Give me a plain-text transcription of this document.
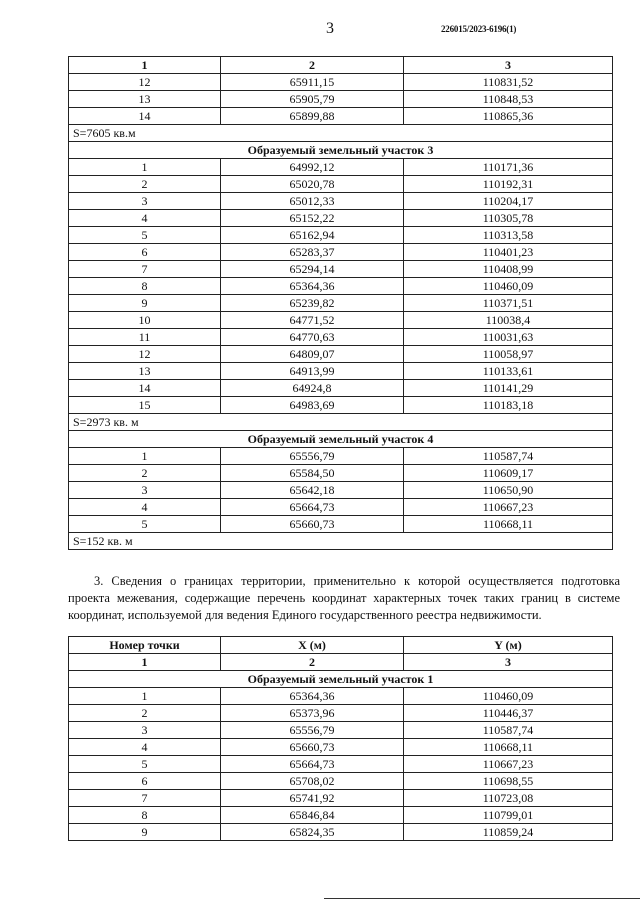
3	226015/2023-6196(1)
1	2	3
12	65911,15	110831,52
13	65905,79	110848,53
14	65899,88	110865,36
S=7605 кв.м		
Образуемый земельный участок 3		
1	64992,12	110171,36
2	65020,78	110192,31
3	65012,33	110204,17
4	65152,22	110305,78
5	65162,94	110313,58
6	65283,37	110401,23
7	65294,14	110408,99
8	65364,36	110460,09
9	65239,82	110371,51
10	64771,52	110038,4
11	64770,63	110031,63
12	64809,07	110058,97
13	64913,99	110133,61
14	64924,8	110141,29
15	64983,69	110183,18
S=2973 кв. м		
Образуемый земельный участок 4		
1	65556,79	110587,74
2	65584,50	110609,17
3	65642,18	110650,90
4	65664,73	110667,23
5	65660,73	110668,11
S=152 кв. м		
3. Сведения о границах территории, применительно к которой осуществляется подготовка проекта межевания, содержащие перечень координат характерных точек таких границ в системе координат, используемой для ведения Единого государственного реестра недвижимости.
Номер точки	X (м)	Y (м)
1	2	3
Образуемый земельный участок 1		
1	65364,36	110460,09
2	65373,96	110446,37
3	65556,79	110587,74
4	65660,73	110668,11
5	65664,73	110667,23
6	65708,02	110698,55
7	65741,92	110723,08
8	65846,84	110799,01
9	65824,35	110859,24
